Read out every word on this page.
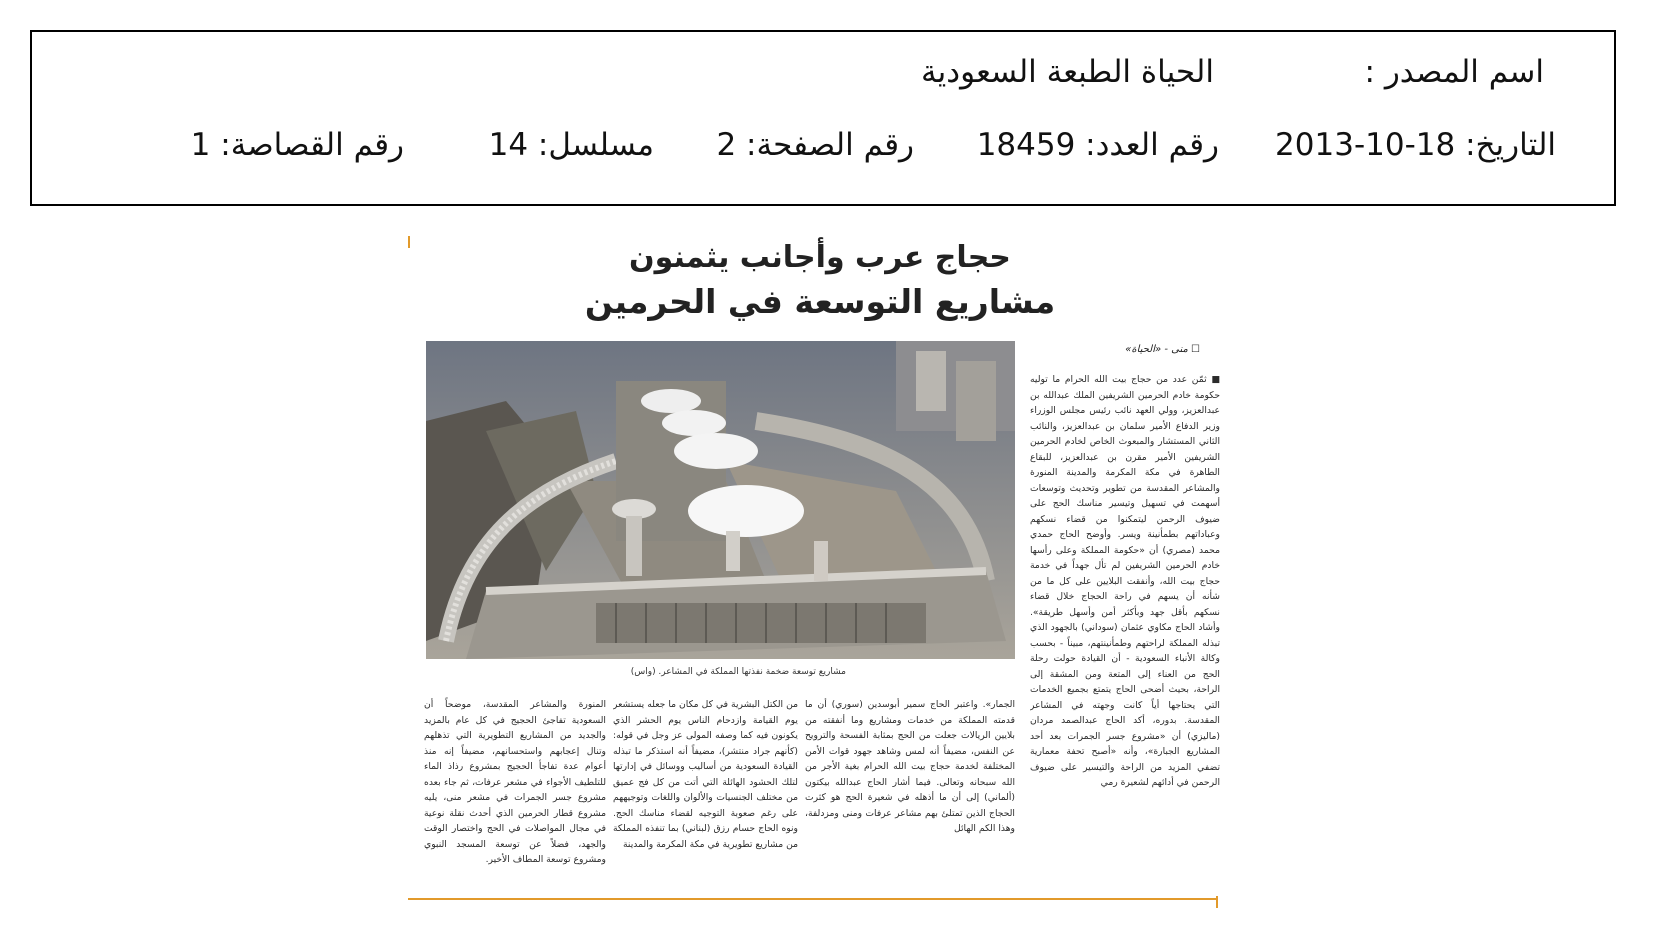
اسم المصدر :
الحياة الطبعة السعودية
التاريخ: 18-10-2013
رقم العدد: 18459
رقم الصفحة: 2
مسلسل: 14
رقم القصاصة: 1
حجاج عرب وأجانب يثمنون
مشاريع التوسعة في الحرمين
مشاريع توسعة ضخمة نفذتها المملكة في المشاعر. (واس)
☐ منى - «الحياة»
■ ثمّن عدد من حجاج بيت الله الحرام ما توليه حكومة خادم الحرمين الشريفين الملك عبدالله بن عبدالعزيز، وولي العهد نائب رئيس مجلس الوزراء وزير الدفاع الأمير سلمان بن عبدالعزيز، والنائب الثاني المستشار والمبعوث الخاص لخادم الحرمين الشريفين الأمير مقرن بن عبدالعزيز، للبقاع الطاهرة في مكة المكرمة والمدينة المنورة والمشاعر المقدسة من تطوير وتحديث وتوسعات أسهمت في تسهيل وتيسير مناسك الحج على ضيوف الرحمن ليتمكنوا من قضاء نسكهم وعباداتهم بطمأنينة ويسر. وأوضح الحاج حمدي محمد (مصري) أن «حكومة المملكة وعلى رأسها خادم الحرمين الشريفين لم تأل جهداً في خدمة حجاج بيت الله، وأنفقت البلايين على كل ما من شأنه أن يسهم في راحة الحجاج خلال قضاء نسكهم بأقل جهد وبأكثر أمن وأسهل طريقة». وأشاد الحاج مكاوي عثمان (سوداني) بالجهود الذي تبذله المملكة لراحتهم وطمأنينتهم، مبيناً - بحسب وكالة الأنباء السعودية - أن القيادة حولت رحلة الحج من العناء إلى المتعة ومن المشقة إلى الراحة، بحيث أضحى الحاج يتمتع بجميع الخدمات التي يحتاجها أياً كانت وجهته في المشاعر المقدسة. بدوره، أكد الحاج عبدالصمد مردان (ماليزي) أن «مشروع جسر الجمرات بعد أحد المشاريع الجبارة»، وأنه «أصبح تحفة معمارية تضفي المزيد من الراحة والتيسير على ضيوف الرحمن في أدائهم لشعيرة رمي
الجمار». واعتبر الحاج سمير أبوسدين (سوري) أن ما قدمته المملكة من خدمات ومشاريع وما أنفقته من بلايين الريالات جعلت من الحج بمثابة الفسحة والترويح عن النفس، مضيفاً أنه لمس وشاهد جهود قوات الأمن المختلفة لخدمة حجاج بيت الله الحرام بغية الأجر من الله سبحانه وتعالى. فيما أشار الحاج عبدالله بيكتون (ألماني) إلى أن ما أذهله في شعيرة الحج هو كثرت الحجاج الذين تمتلئ بهم مشاعر عرفات ومنى ومزدلفة، وهذا الكم الهائل
من الكتل البشرية في كل مكان ما جعله يستشعر يوم القيامة وازدحام الناس يوم الحشر الذي يكونون فيه كما وصفه المولى عز وجل في قوله: (كأنهم جراد منتشر)، مضيفاً أنه استذكر ما تبذله القيادة السعودية من أساليب ووسائل في إدارتها لتلك الحشود الهائلة التي أتت من كل فج عميق من مختلف الجنسيات والألوان واللغات وتوجيههم على رغم صعوبة التوجيه لقضاء مناسك الحج. ونوه الحاج حسام رزق (لبناني) بما تنفذه المملكة من مشاريع تطويرية في مكة المكرمة والمدينة
المنورة والمشاعر المقدسة، موضحاً أن السعودية تفاجئ الحجيج في كل عام بالمزيد والجديد من المشاريع التطويرية التي تذهلهم وتنال إعجابهم واستحسانهم، مضيفاً إنه منذ أعوام عدة تفاجأ الحجيج بمشروع رذاذ الماء للتلطيف الأجواء في مشعر عرفات، ثم جاء بعده مشروع جسر الجمرات في مشعر منى، يليه مشروع قطار الحرمين الذي أحدث نقلة نوعية في مجال المواصلات في الحج واختصار الوقت والجهد، فضلاً عن توسعة المسجد النبوي ومشروع توسعة المطاف الأخير.
